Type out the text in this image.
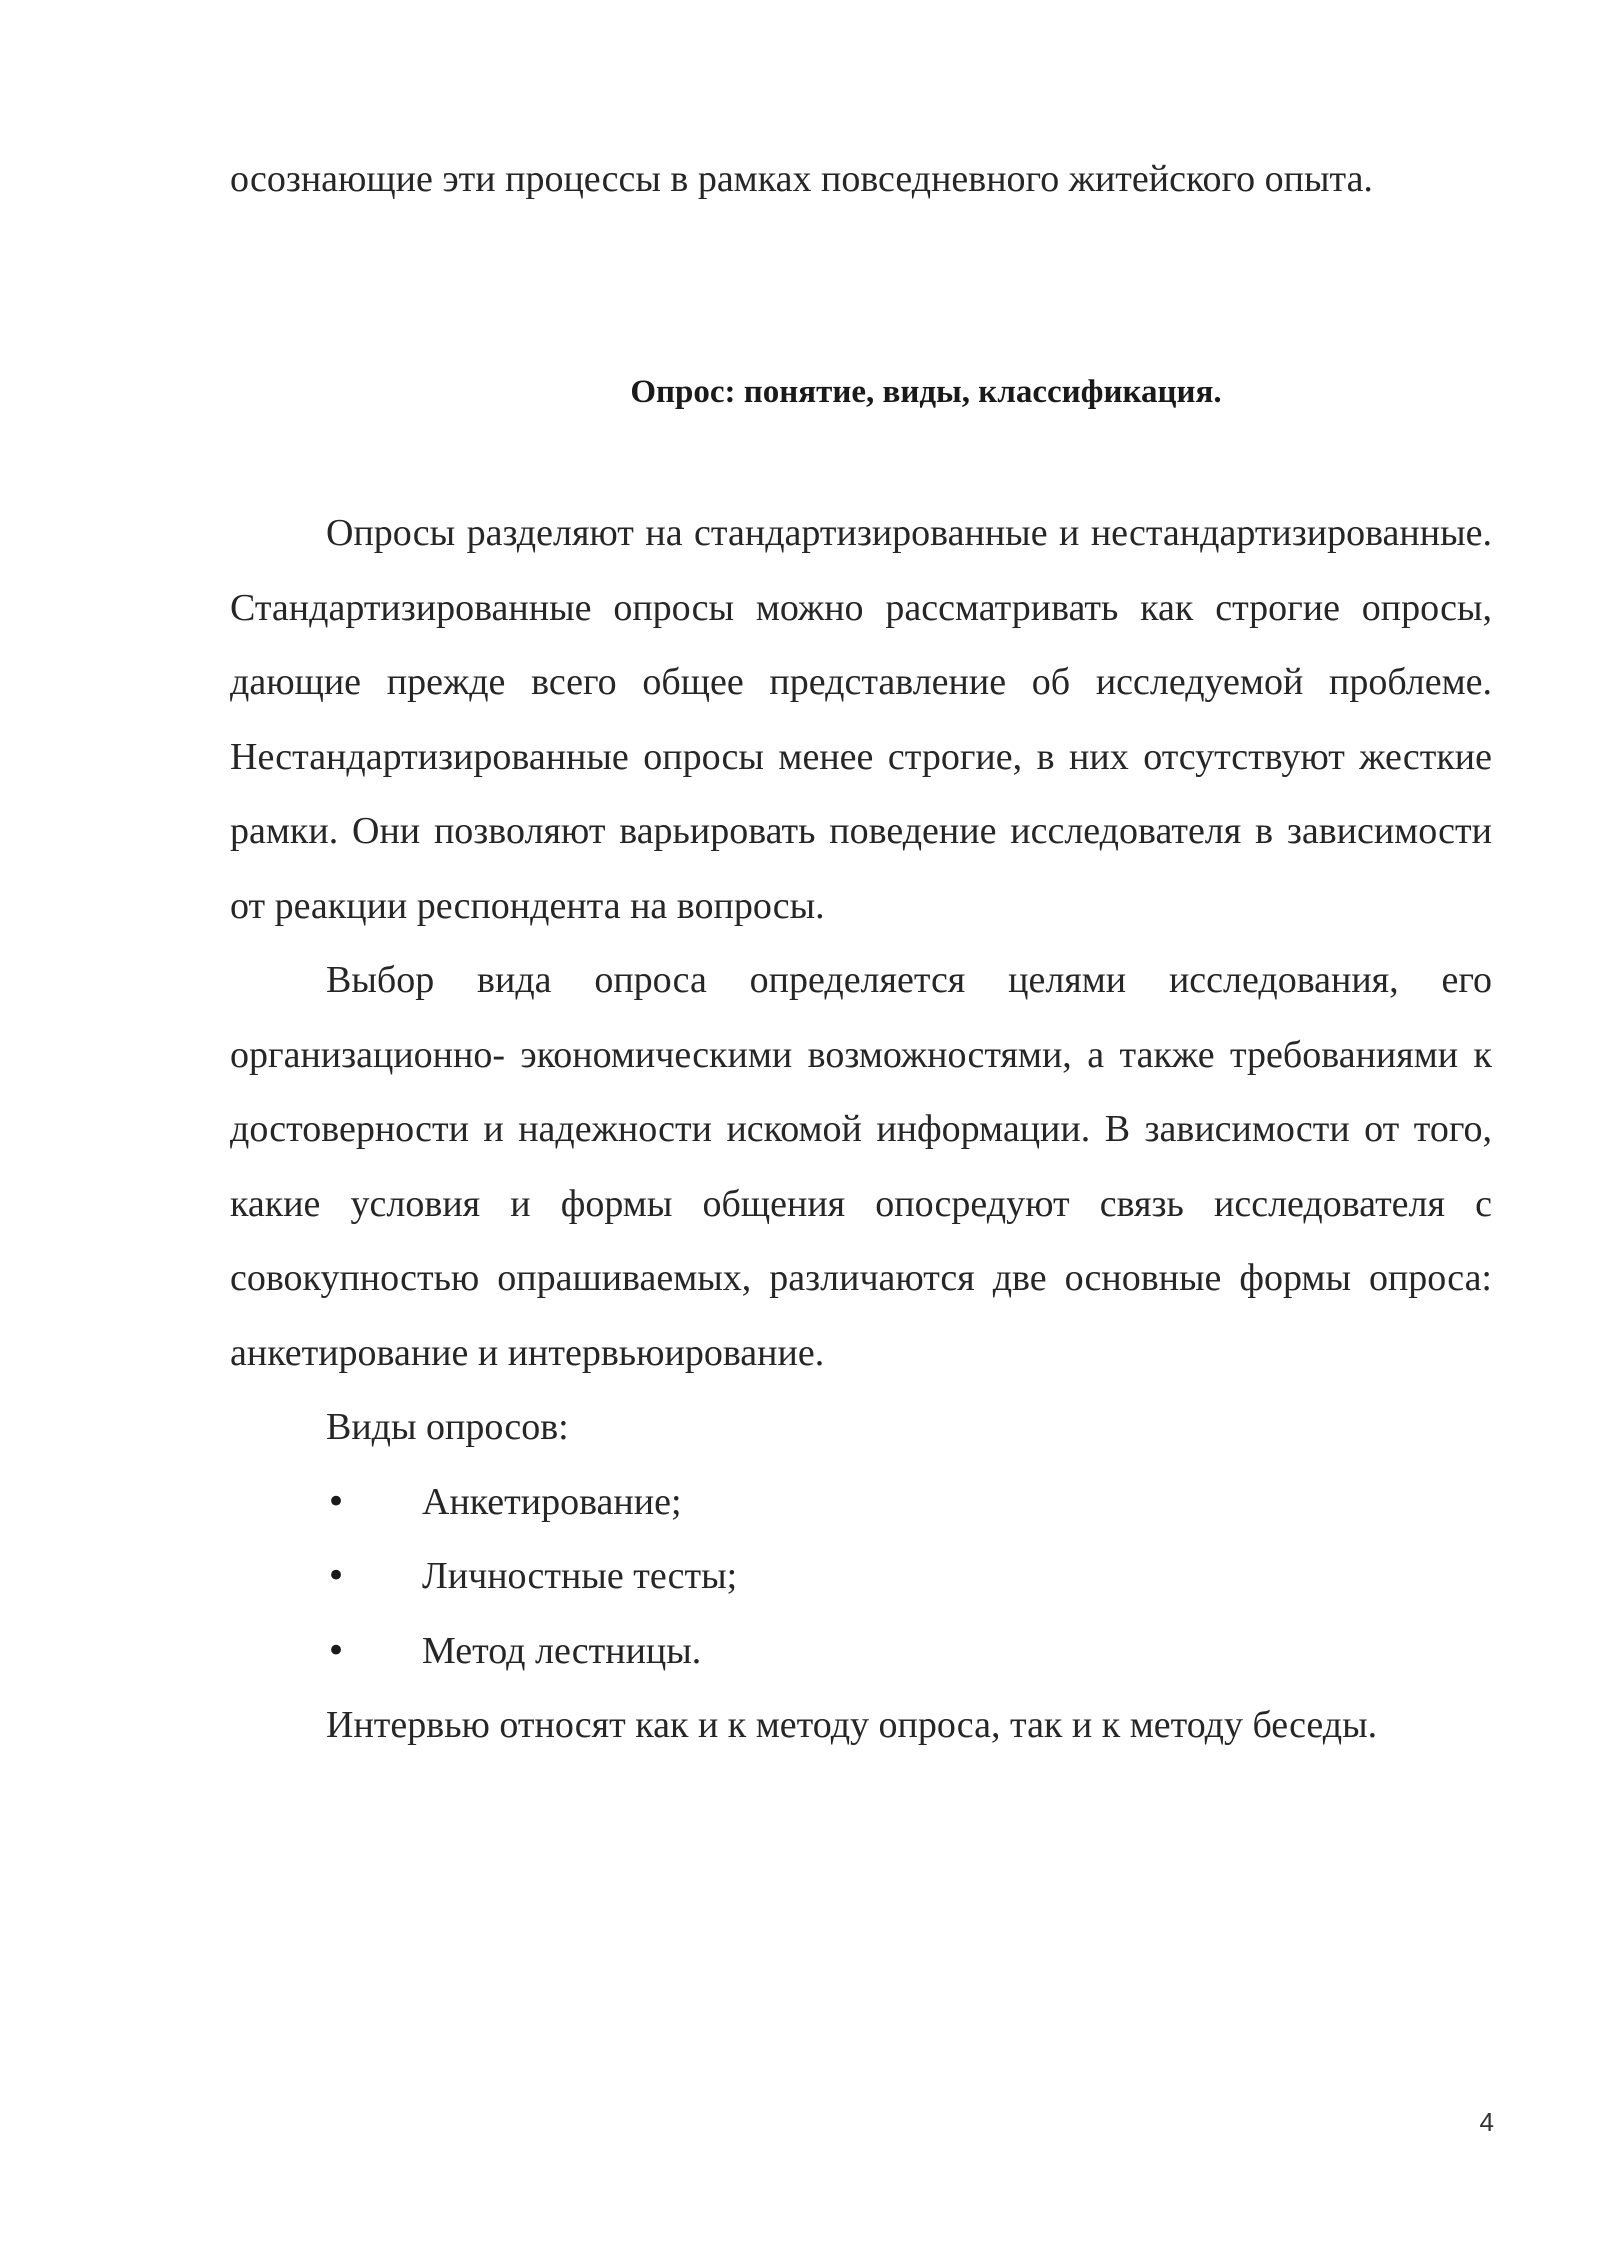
осознающие эти процессы в рамках повседневного житейского опыта.

Опрос: понятие, виды, классификация.

Опросы разделяют на стандартизированные и нестандартизированные. Стандартизированные опросы можно рассматривать как строгие опросы, дающие прежде всего общее представление об исследуемой проблеме. Нестандартизированные опросы менее строгие, в них отсутствуют жесткие рамки. Они позволяют варьировать поведение исследователя в зависимости от реакции респондента на вопросы.

Выбор вида опроса определяется целями исследования, его организационно- экономическими возможностями, а также требованиями к достоверности и надежности искомой информации. В зависимости от того, какие условия и формы общения опосредуют связь исследователя с совокупностью опрашиваемых, различаются две основные формы опроса: анкетирование и интервьюирование.

Виды опросов:

•	Анкетирование;
•	Личностные тесты;
•	Метод лестницы.

Интервью относят как и к методу опроса, так и к методу беседы.

4
